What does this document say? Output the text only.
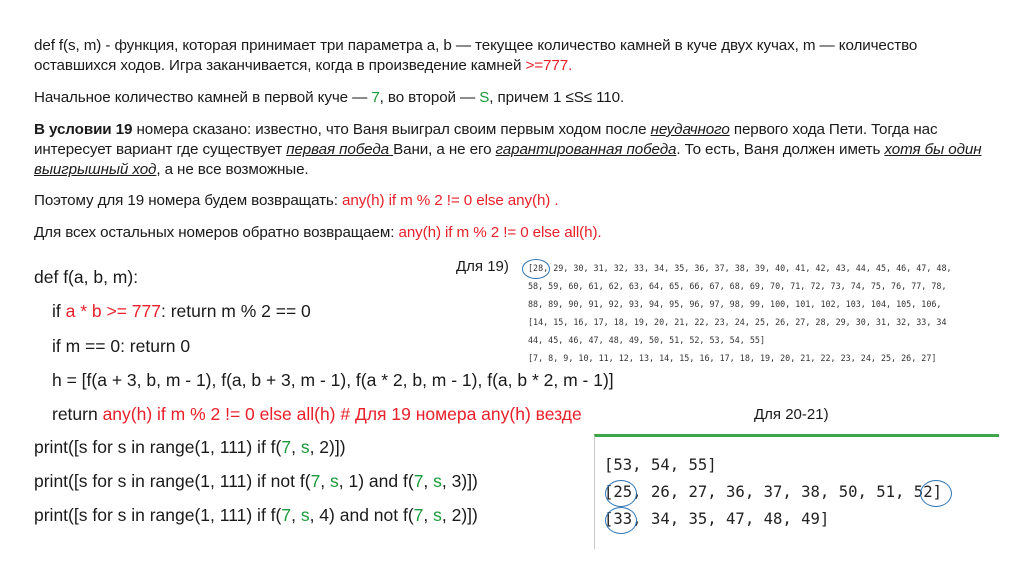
def f(s, m) - функция, которая принимает три параметра a, b — текущее количество камней в куче двух кучах, m — количество оставшихся ходов. Игра заканчивается, когда в произведение камней >=777.
Начальное количество камней в первой куче — 7, во второй — S, причем 1 ≤S≤ 110.
В условии 19 номера сказано: известно, что Ваня выиграл своим первым ходом после неудачного первого хода Пети. Тогда нас интересует вариант где существует первая победа Вани, а не его гарантированная победа. То есть, Ваня должен иметь хотя бы один выигрышный ход, а не все возможные.
Поэтому для 19 номера будем возвращать: any(h) if m % 2 != 0 else any(h) .
Для всех остальных номеров обратно возвращаем: any(h) if m % 2 != 0 else all(h).
def f(a, b, m):
if a * b >= 777: return m % 2 == 0
if m == 0: return 0
h = [f(a + 3, b, m - 1), f(a, b + 3, m - 1), f(a * 2, b, m - 1), f(a, b * 2, m - 1)]
return any(h) if m % 2 != 0 else all(h) # Для 19 номера any(h) везде
print([s for s in range(1, 111) if f(7, s, 2)])
print([s for s in range(1, 111) if not f(7, s, 1) and f(7, s, 3)])
print([s for s in range(1, 111) if f(7, s, 4) and not f(7, s, 2)])
Для 19) [28, 29, 30, 31, 32, 33, 34, 35, 36, 37, 38, 39, 40, 41, 42, 43, 44, 45, 46, 47, 48,
58, 59, 60, 61, 62, 63, 64, 65, 66, 67, 68, 69, 70, 71, 72, 73, 74, 75, 76, 77, 78,
88, 89, 90, 91, 92, 93, 94, 95, 96, 97, 98, 99, 100, 101, 102, 103, 104, 105, 106,
[14, 15, 16, 17, 18, 19, 20, 21, 22, 23, 24, 25, 26, 27, 28, 29, 30, 31, 32, 33, 34
44, 45, 46, 47, 48, 49, 50, 51, 52, 53, 54, 55]
[7, 8, 9, 10, 11, 12, 13, 14, 15, 16, 17, 18, 19, 20, 21, 22, 23, 24, 25, 26, 27]
Для 20-21)
[53, 54, 55]
[25, 26, 27, 36, 37, 38, 50, 51, 52]
[33, 34, 35, 47, 48, 49]
